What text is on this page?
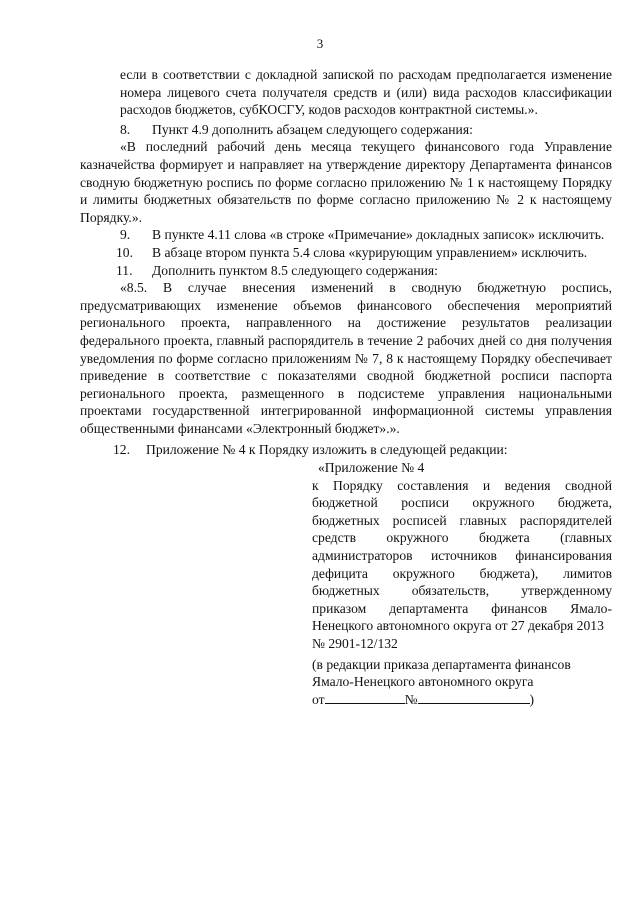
3

если в соответствии с докладной запиской по расходам предполагается изменение номера лицевого счета получателя средств и (или) вида расходов классификации расходов бюджетов, субКОСГУ, кодов расходов контрактной системы.».

8. Пункт 4.9 дополнить абзацем следующего содержания:

«В последний рабочий день месяца текущего финансового года Управление казначейства формирует и направляет на утверждение директору Департамента финансов сводную бюджетную роспись по форме согласно приложению № 1 к настоящему Порядку и лимиты бюджетных обязательств по форме согласно приложению № 2 к настоящему Порядку.».

9. В пункте 4.11 слова «в строке «Примечание» докладных записок» исключить.

10. В абзаце втором пункта 5.4 слова «курирующим управлением» исключить.

11. Дополнить пунктом 8.5 следующего содержания:

«8.5. В случае внесения изменений в сводную бюджетную роспись, предусматривающих изменение объемов финансового обеспечения мероприятий регионального проекта, направленного на достижение результатов реализации федерального проекта, главный распорядитель в течение 2 рабочих дней со дня получения уведомления по форме согласно приложениям № 7, 8 к настоящему Порядку обеспечивает приведение в соответствие с показателями сводной бюджетной росписи паспорта регионального проекта, размещенного в подсистеме управления национальными проектами государственной интегрированной информационной системы управления общественными финансами «Электронный бюджет».».

12. Приложение № 4 к Порядку изложить в следующей редакции:

«Приложение № 4

к Порядку составления и ведения сводной бюджетной росписи окружного бюджета, бюджетных росписей главных распорядителей средств окружного бюджета (главных администраторов источников финансирования дефицита окружного бюджета), лимитов бюджетных обязательств, утвержденному приказом департамента финансов Ямало-Ненецкого автономного округа от 27 декабря 2013

№ 2901-12/132

(в редакции приказа департамента финансов Ямало-Ненецкого автономного округа

от	№	)
